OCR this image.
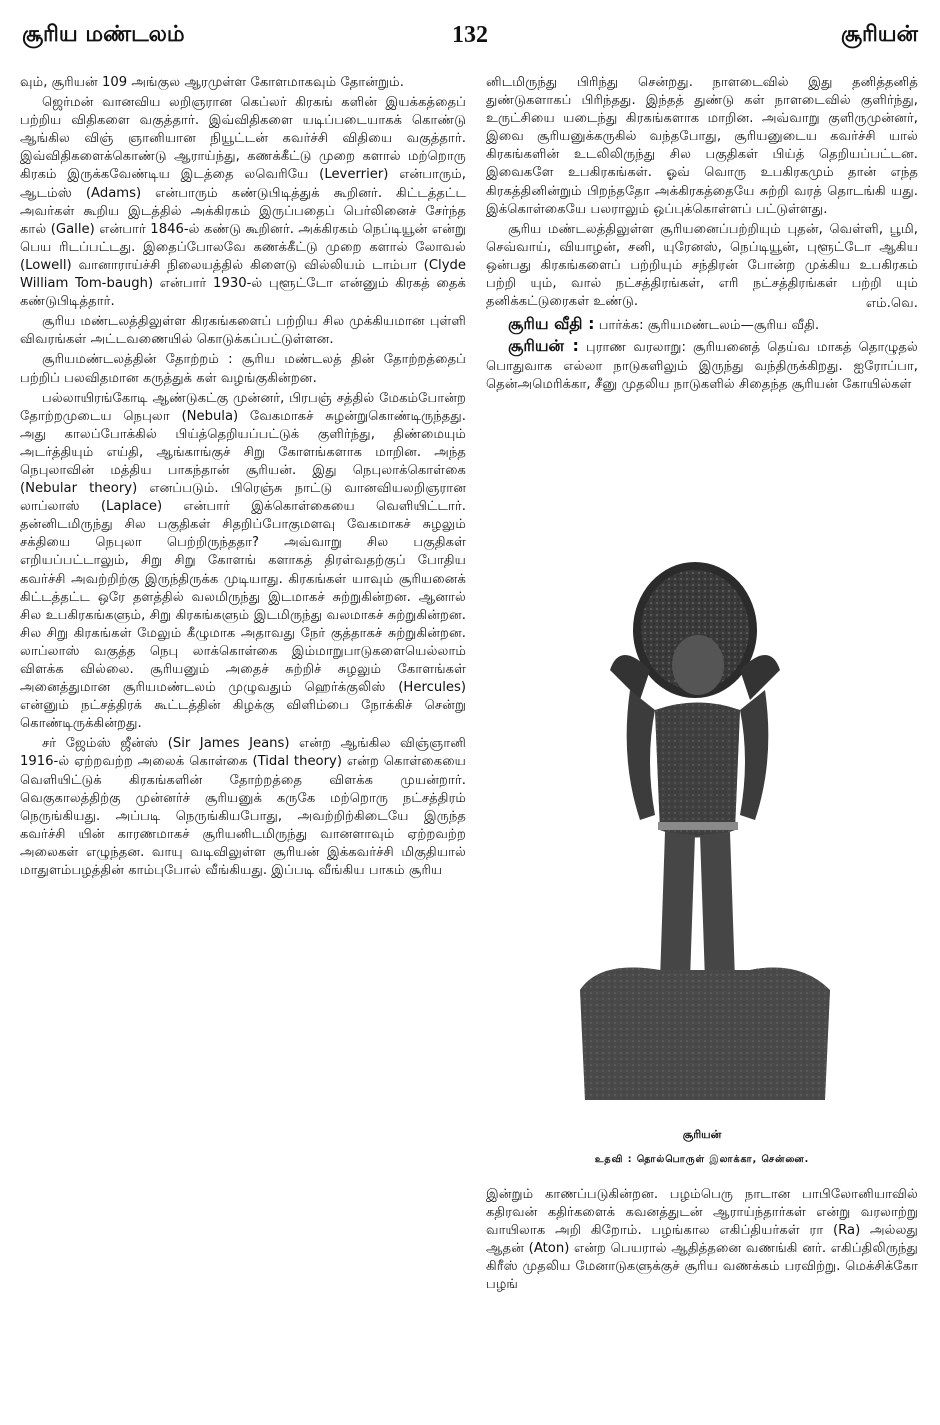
132
சூரிய மண்டலம்	சூரியன்

வும், சூரியன் 109 அங்குல ஆரமுள்ள கோளமாகவும் தோன்றும்.

ஜெர்மன் வானவிய லறிஞரான கெப்லர் கிரகங் களின் இயக்கத்தைப் பற்றிய விதிகளை வகுத்தார். இவ்விதிகளை யடிப்படையாகக் கொண்டு ஆங்கில விஞ் ஞானியான நியூட்டன் கவர்ச்சி விதியை வகுத்தார். இவ்விதிகளைக்கொண்டு ஆராய்ந்து, கணக்கீட்டு முறை களால் மற்றொரு கிரகம் இருக்கவேண்டிய இடத்தை லவெரியே (Leverrier) என்பாரும், ஆடம்ஸ் (Adams) என்பாரும் கண்டுபிடித்துக் கூறினர். கிட்டத்தட்ட அவர்கள் கூறிய இடத்தில் அக்கிரகம் இருப்பதைப் பெர்லினைச் சேர்ந்த கால் (Galle) என்பார் 1846-ல் கண்டு கூறினர். அக்கிரகம் நெப்டியூன் என்று பெய ரிடப்பட்டது. இதைப்போலவே கணக்கீட்டு முறை களால் லோவல் (Lowell) வானாராய்ச்சி நிலையத்தில் கிளைடு வில்லியம் டாம்பா (Clyde William Tom-baugh) என்பார் 1930-ல் புளூட்டோ என்னும் கிரகத் தைக் கண்டுபிடித்தார்.

சூரிய மண்டலத்திலுள்ள கிரகங்களைப் பற்றிய சில முக்கியமான புள்ளி விவரங்கள் அட்டவணையில் கொடுக்கப்பட்டுள்ளன.

சூரியமண்டலத்தின் தோற்றம் : சூரிய மண்டலத் தின் தோற்றத்தைப் பற்றிப் பலவிதமான கருத்துக் கள் வழங்குகின்றன.

பல்லாயிரங்கோடி ஆண்டுகட்கு முன்னர், பிரபஞ் சத்தில் மேகம்போன்ற தோற்றமுடைய நெபுலா (Nebula) வேகமாகச் சுழன்றுகொண்டிருந்தது. அது காலப்போக்கில் பிய்த்தெறியப்பட்டுக் குளிர்ந்து, திண்மையும் அடர்த்தியும் எய்தி, ஆங்காங்குச் சிறு கோளங்களாக மாறின. அந்த நெபுலாவின் மத்திய பாகந்தான் சூரியன். இது நெபுலாக்கொள்கை (Nebular theory) எனப்படும். பிரெஞ்சு நாட்டு வானவியலறிஞரான லாப்லாஸ் (Laplace) என்பார் இக்கொள்கையை வெளியிட்டார். தன்னிடமிருந்து சில பகுதிகள் சிதறிப்போகுமளவு வேகமாகச் சுழலும் சக்தியை நெபுலா பெற்றிருந்ததா? அவ்வாறு சில பகுதிகள் எறியப்பட்டாலும், சிறு சிறு கோளங் களாகத் திரள்வதற்குப் போதிய கவர்ச்சி அவற்றிற்கு இருந்திருக்க முடியாது. கிரகங்கள் யாவும் சூரியனைக் கிட்டத்தட்ட ஒரே தளத்தில் வலமிருந்து இடமாகச் சுற்றுகின்றன. ஆனால் சில உபகிரகங்களும், சிறு கிரகங்களும் இடமிருந்து வலமாகச் சுற்றுகின்றன. சில சிறு கிரகங்கள் மேலும் கீழுமாக அதாவது நேர் குத்தாகச் சுற்றுகின்றன. லாப்லாஸ் வகுத்த நெபு லாக்கொள்கை இம்மாறுபாடுகளையெல்லாம் விளக்க வில்லை. சூரியனும் அதைச் சுற்றிச் சுழலும் கோளங்கள் அனைத்துமான சூரியமண்டலம் முழுவதும் ஹெர்க்குலிஸ் (Hercules) என்னும் நட்சத்திரக் கூட்டத்தின் கிழக்கு விளிம்பை நோக்கிச் சென்று கொண்டிருக்கின்றது.

சர் ஜேம்ஸ் ஜீன்ஸ் (Sir James Jeans) என்ற ஆங்கில விஞ்ஞானி 1916-ல் ஏற்றவற்ற அலைக் கொள்கை (Tidal theory) என்ற கொள்கையை வெளியிட்டுக் கிரகங்களின் தோற்றத்தை விளக்க முயன்றார். வெகுகாலத்திற்கு முன்னர்ச் சூரியனுக் கருகே மற்றொரு நட்சத்திரம் நெருங்கியது. அப்படி நெருங்கியபோது, அவற்றிற்கிடையே இருந்த கவர்ச்சி யின் காரணமாகச் சூரியனிடமிருந்து வானளாவும் ஏற்றவற்ற அலைகள் எழுந்தன. வாயு வடிவிலுள்ள சூரியன் இக்கவர்ச்சி மிகுதியால் மாதுளம்பழத்தின் காம்புபோல் வீங்கியது. இப்படி வீங்கிய பாகம் சூரிய

னிடமிருந்து பிரிந்து சென்றது. நாளடைவில் இது தனித்தனித் துண்டுகளாகப் பிரிந்தது. இந்தத் துண்டு கள் நாளடைவில் குளிர்ந்து, உருட்சியை யடைந்து கிரகங்களாக மாறின. அவ்வாறு குளிருமுன்னர், இவை சூரியனுக்கருகில் வந்தபோது, சூரியனுடைய கவர்ச்சி யால் கிரகங்களின் உடலிலிருந்து சில பகுதிகள் பிய்த் தெறியப்பட்டன. இவைகளே உபகிரகங்கள். ஓவ் வொரு உபகிரகமும் தான் எந்த கிரகத்தினின்றும் பிறந்ததோ அக்கிரகத்தையே சுற்றி வரத் தொடங்கி யது. இக்கொள்கையே பலராலும் ஒப்புக்கொள்ளப் பட்டுள்ளது.

சூரிய மண்டலத்திலுள்ள சூரியனைப்பற்றியும் புதன், வெள்ளி, பூமி, செவ்வாய், வியாழன், சனி, யுரேனஸ், நெப்டியூன், புளூட்டோ ஆகிய ஒன்பது கிரகங்களைப் பற்றியும் சந்திரன் போன்ற முக்கிய உபகிரகம் பற்றி யும், வால் நட்சத்திரங்கள், எரி நட்சத்திரங்கள் பற்றி யும் தனிக்கட்டுரைகள் உண்டு.	எம்.வெ.

சூரிய வீதி : பார்க்க: சூரியமண்டலம்—சூரிய வீதி.

சூரியன் : புராண வரலாறு: சூரியனைத் தெய்வ மாகத் தொழுதல் பொதுவாக எல்லா நாடுகளிலும் இருந்து வந்திருக்கிறது. ஐரோப்பா, தென்அமெரிக்கா, சீனு முதலிய நாடுகளில் சிதைந்த சூரியன் கோயில்கள்

சூரியன்
உதவி : தொல்பொருள் இலாக்கா, சென்னை.

இன்றும் காணப்படுகின்றன. பழம்பெரு நாடான பாபிலோனியாவில் கதிரவன் கதிர்களைக் கவனத்துடன் ஆராய்ந்தார்கள் என்று வரலாற்று வாயிலாக அறி கிறோம். பழங்கால எகிப்தியர்கள் ரா (Ra) அல்லது ஆதன் (Aton) என்ற பெயரால் ஆதித்தனை வணங்கி னர். எகிப்திலிருந்து கிரீஸ் முதலிய மேனாடுகளுக்குச் சூரிய வணக்கம் பரவிற்று. மெக்சிக்கோ பழங்
